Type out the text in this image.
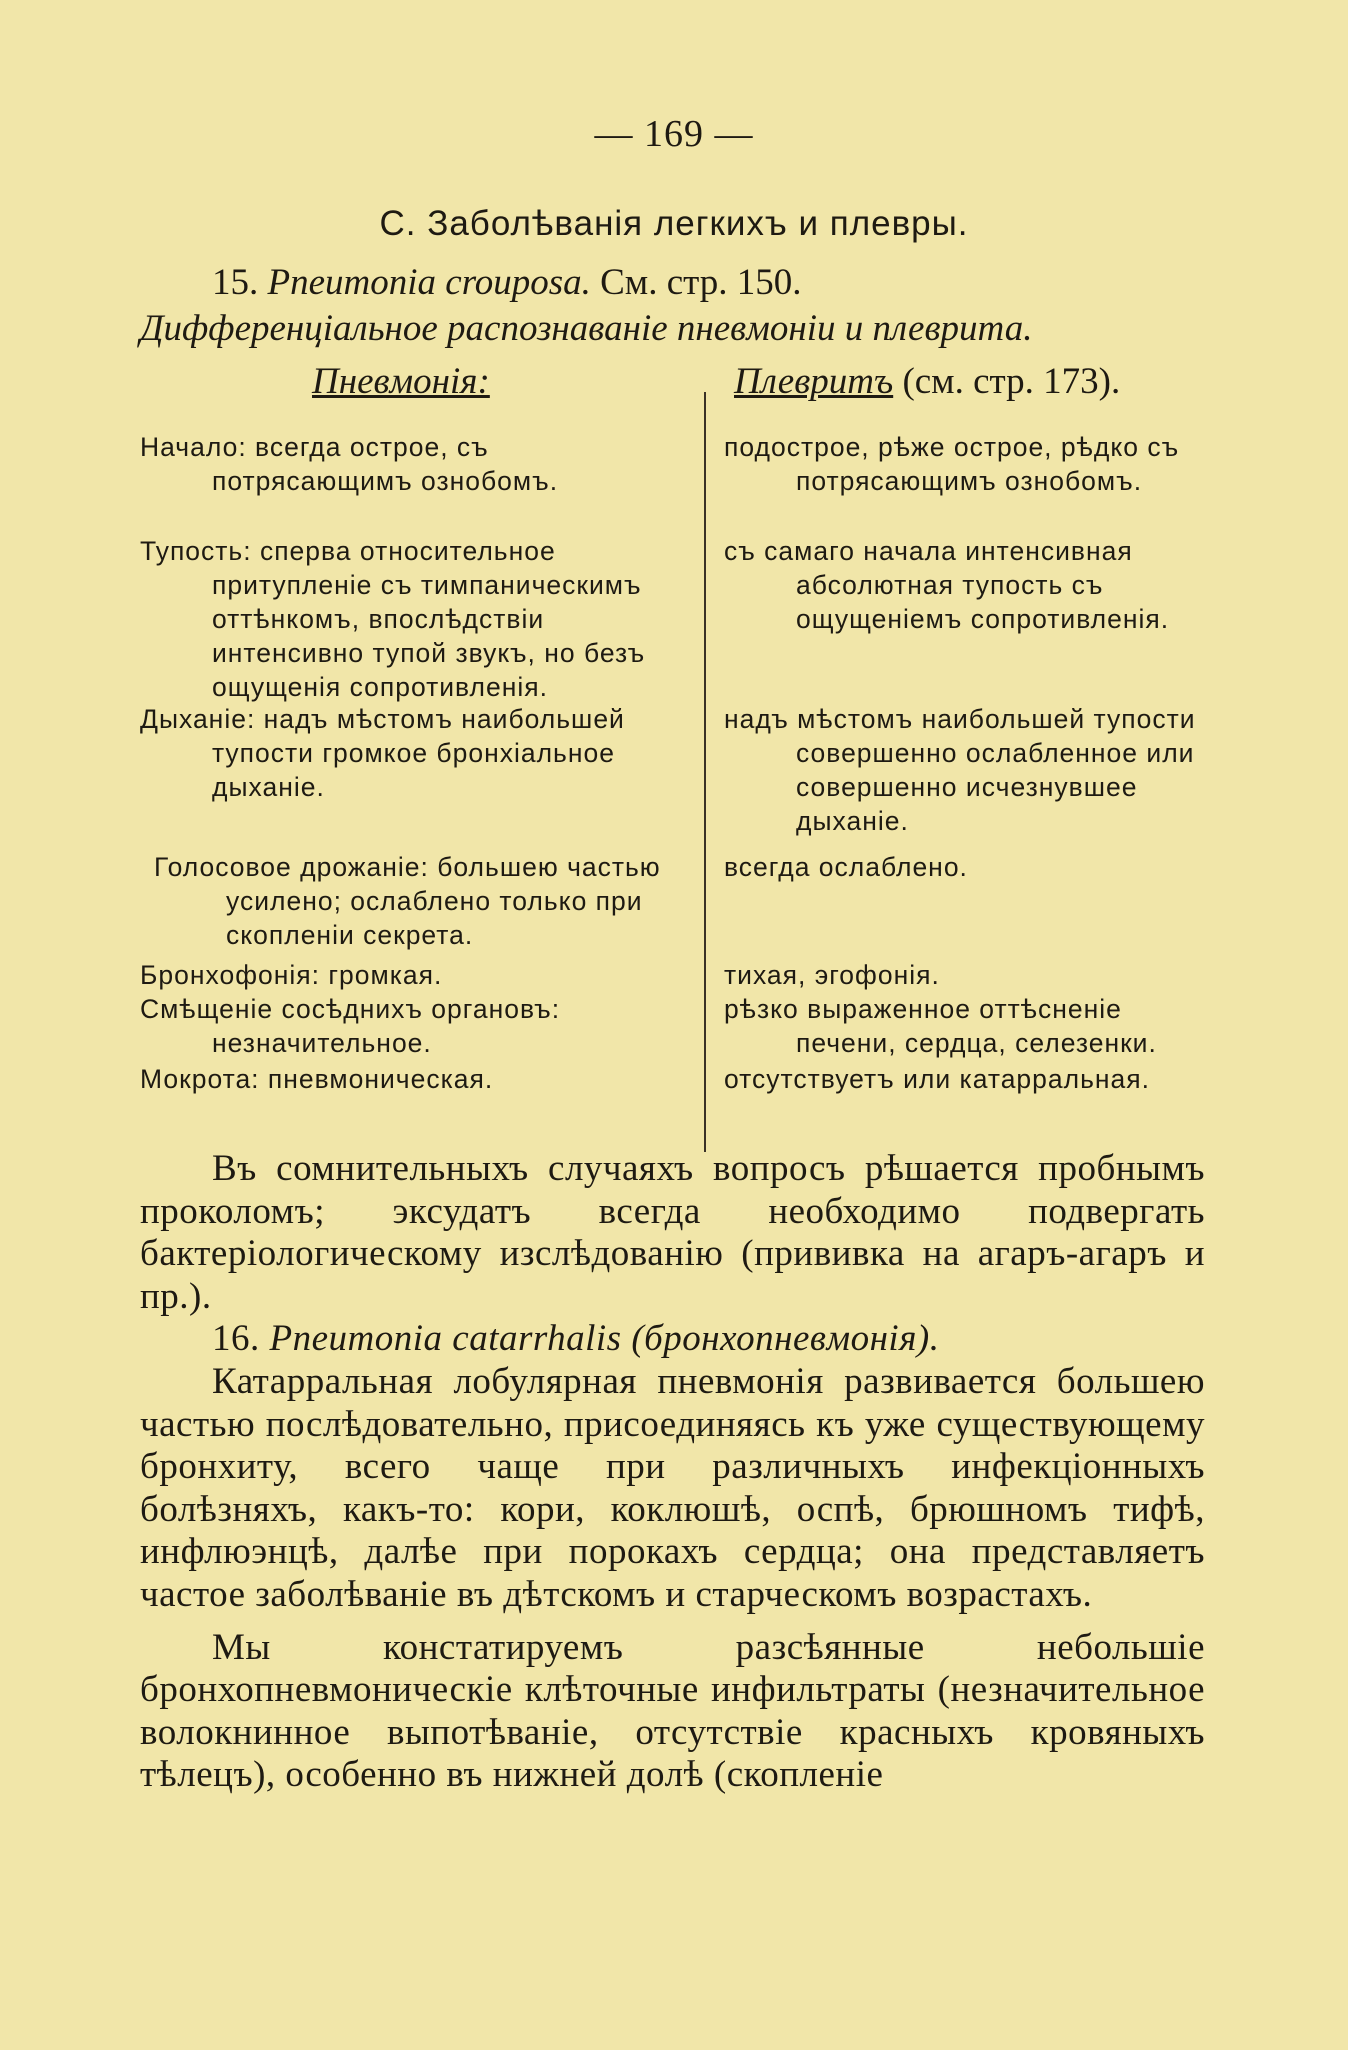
— 169 —
C. Заболѣванія легкихъ и плевры.
15. Pneumonia crouposa. См. стр. 150.
Дифференціальное распознаваніе пневмоніи и плеврита.
Пневмонія:	Плевритъ (см. стр. 173).
Начало: всегда острое, съ потрясающимъ ознобомъ.
Тупость: сперва относительное притупленіе съ тимпаническимъ оттѣнкомъ, впослѣдствіи интенсивно тупой звукъ, но безъ ощущенія сопротивленія.
Дыханіе: надъ мѣстомъ наибольшей тупости громкое бронхіальное дыханіе.
Голосовое дрожаніе: большею частью усилено; ослаблено только при скопленіи секрета.
Бронхофонія: громкая.
Смѣщеніе сосѣднихъ органовъ: незначительное.
Мокрота: пневмоническая.
подострое, рѣже острое, рѣдко съ потрясающимъ ознобомъ.
съ самаго начала интенсивная абсолютная тупость съ ощущеніемъ сопротивленія.
надъ мѣстомъ наибольшей тупости совершенно ослабленное или совершенно исчезнувшее дыханіе.
всегда ослаблено.
тихая, эгофонія.
рѣзко выраженное оттѣсненіе печени, сердца, селезенки.
отсутствуетъ или катарральная.

Въ сомнительныхъ случаяхъ вопросъ рѣшается пробнымъ проколомъ; эксудатъ всегда необходимо подвергать бактеріологическому изслѣдованію (прививка на агаръ-агаръ и пр.).

16. Pneumonia catarrhalis (бронхопневмонія).

Катарральная лобулярная пневмонія развивается большею частью послѣдовательно, присоединяясь къ уже существующему бронхиту, всего чаще при различныхъ инфекціонныхъ болѣзняхъ, какъ-то: кори, коклюшѣ, оспѣ, брюшномъ тифѣ, инфлюэнцѣ, далѣе при порокахъ сердца; она представляетъ частое заболѣваніе въ дѣтскомъ и старческомъ возрастахъ.

Мы констатируемъ разсѣянные небольшіе бронхопневмоническіе клѣточные инфильтраты (незначительное волокнинное выпотѣваніе, отсутствіе красныхъ кровяныхъ тѣлецъ), особенно въ нижней долѣ (скопленіе
